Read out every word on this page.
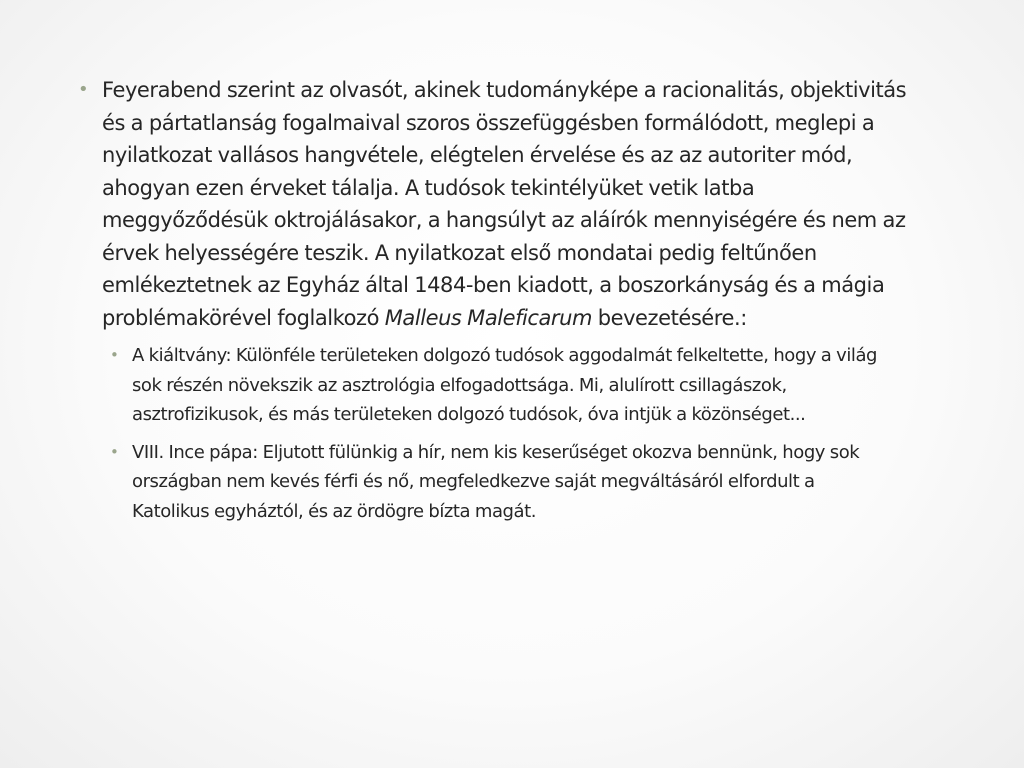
• Feyerabend szerint az olvasót, akinek tudományképe a racionalitás, objektivitás és a pártatlanság fogalmaival szoros összefüggésben formálódott, meglepi a nyilatkozat vallásos hangvétele, elégtelen érvelése és az az autoriter mód, ahogyan ezen érveket tálalja. A tudósok tekintélyüket vetik latba meggyőződésük oktrojálásakor, a hangsúlyt az aláírók mennyiségére és nem az érvek helyességére teszik. A nyilatkozat első mondatai pedig feltűnően emlékeztetnek az Egyház által 1484-ben kiadott, a boszorkányság és a mágia problémakörével foglalkozó Malleus Maleficarum bevezetésére.:
• A kiáltvány: Különféle területeken dolgozó tudósok aggodalmát felkeltette, hogy a világ sok részén növekszik az asztrológia elfogadottsága. Mi, alulírott csillagászok, asztrofizikusok, és más területeken dolgozó tudósok, óva intjük a közönséget...
• VIII. Ince pápa: Eljutott fülünkig a hír, nem kis keserűséget okozva bennünk, hogy sok országban nem kevés férfi és nő, megfeledkezve saját megváltásáról elfordult a Katolikus egyháztól, és az ördögre bízta magát.
